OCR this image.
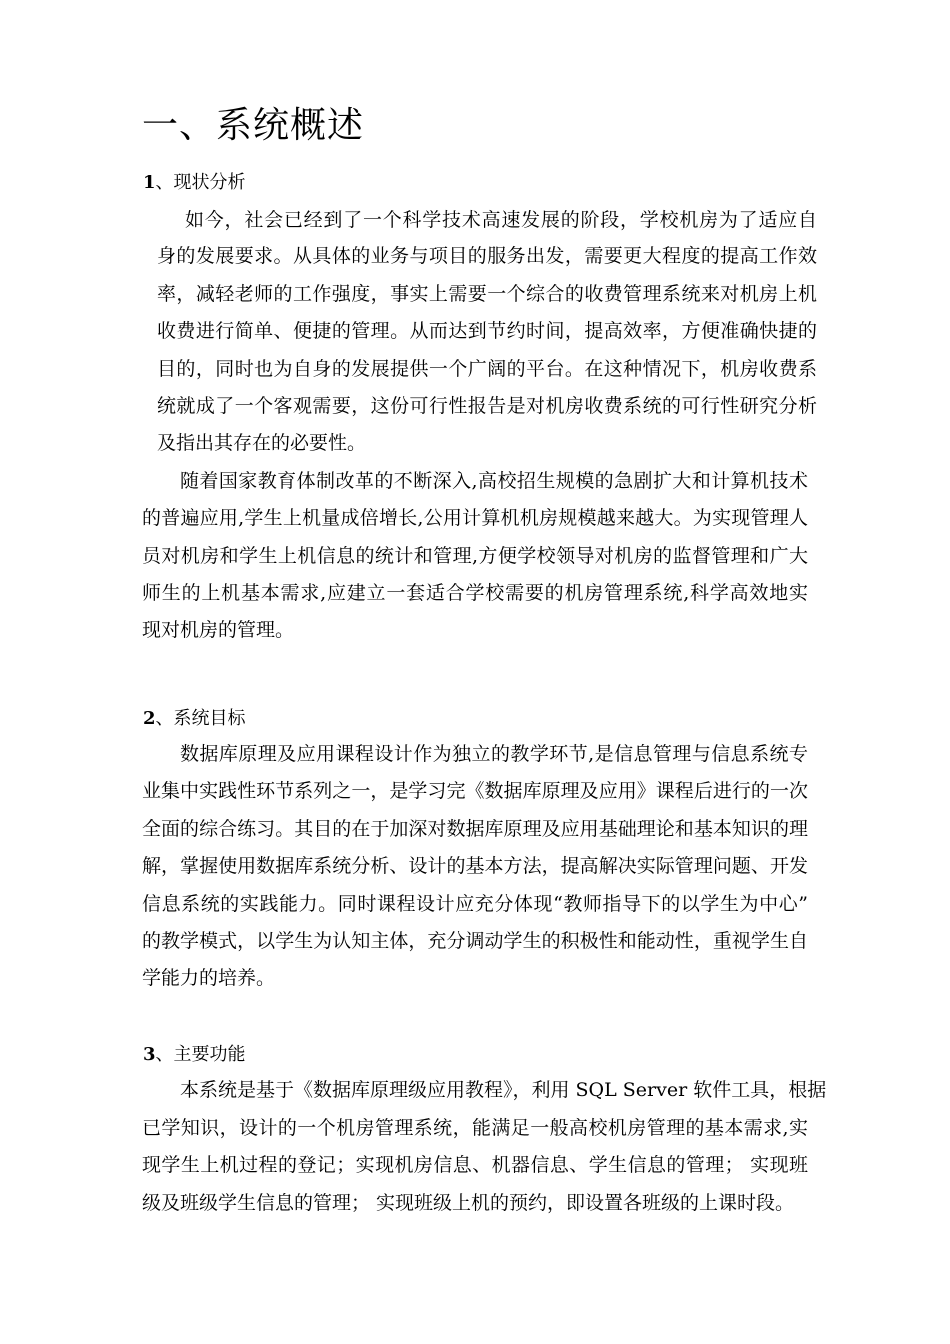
一、系统概述
1、现状分析

如今，社会已经到了一个科学技术高速发展的阶段，学校机房为了适应自

身的发展要求。从具体的业务与项目的服务出发，需要更大程度的提高工作效

率，减轻老师的工作强度，事实上需要一个综合的收费管理系统来对机房上机

收费进行简单、便捷的管理。从而达到节约时间，提高效率，方便准确快捷的

目的，同时也为自身的发展提供一个广阔的平台。在这种情况下，机房收费系

统就成了一个客观需要，这份可行性报告是对机房收费系统的可行性研究分析

及指出其存在的必要性。

随着国家教育体制改革的不断深入,高校招生规模的急剧扩大和计算机技术

的普遍应用,学生上机量成倍增长,公用计算机机房规模越来越大。为实现管理人

员对机房和学生上机信息的统计和管理,方便学校领导对机房的监督管理和广大

师生的上机基本需求,应建立一套适合学校需要的机房管理系统,科学高效地实

现对机房的管理。

2、系统目标

数据库原理及应用课程设计作为独立的教学环节,是信息管理与信息系统专

业集中实践性环节系列之一，是学习完《数据库原理及应用》课程后进行的一次

全面的综合练习。其目的在于加深对数据库原理及应用基础理论和基本知识的理

解，掌握使用数据库系统分析、设计的基本方法，提高解决实际管理问题、开发

信息系统的实践能力。同时课程设计应充分体现“教师指导下的以学生为中心”

的教学模式，以学生为认知主体，充分调动学生的积极性和能动性，重视学生自

学能力的培养。

3、主要功能

本系统是基于《数据库原理级应用教程》，利用 SQL Server 软件工具，根据

已学知识，设计的一个机房管理系统，能满足一般高校机房管理的基本需求,实

现学生上机过程的登记；实现机房信息、机器信息、学生信息的管理； 实现班

级及班级学生信息的管理； 实现班级上机的预约，即设置各班级的上课时段。
